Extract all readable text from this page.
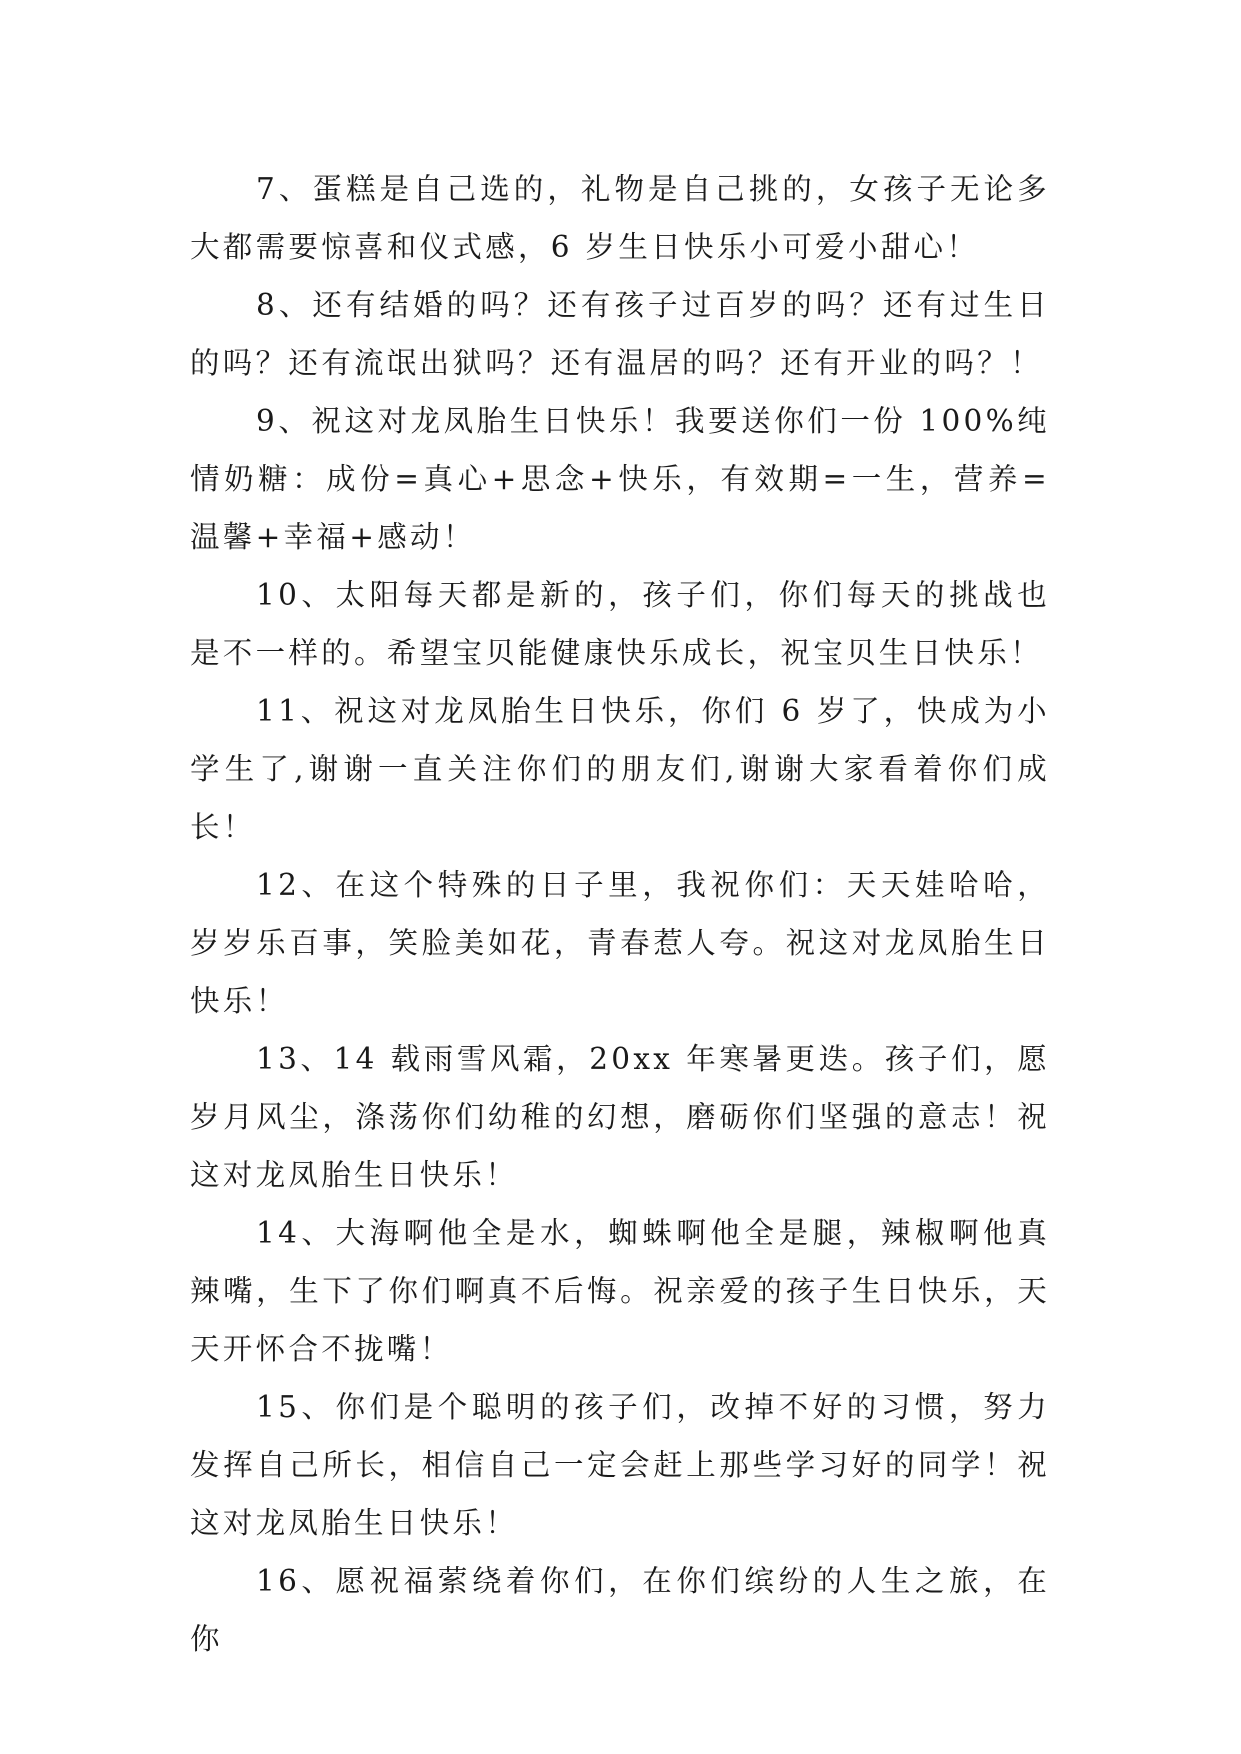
7、蛋糕是自己选的，礼物是自己挑的，女孩子无论多大都需要惊喜和仪式感，6 岁生日快乐小可爱小甜心！

8、还有结婚的吗？还有孩子过百岁的吗？还有过生日的吗？还有流氓出狱吗？还有温居的吗？还有开业的吗？！

9、祝这对龙凤胎生日快乐！我要送你们一份 100%纯情奶糖：成份=真心+思念+快乐，有效期=一生，营养=温馨+幸福+感动！

10、太阳每天都是新的，孩子们，你们每天的挑战也是不一样的。希望宝贝能健康快乐成长，祝宝贝生日快乐！

11、祝这对龙凤胎生日快乐，你们 6 岁了，快成为小学生了,谢谢一直关注你们的朋友们,谢谢大家看着你们成长！

12、在这个特殊的日子里，我祝你们：天天娃哈哈，岁岁乐百事，笑脸美如花，青春惹人夸。祝这对龙凤胎生日快乐！

13、14 载雨雪风霜，20xx 年寒暑更迭。孩子们，愿岁月风尘，涤荡你们幼稚的幻想，磨砺你们坚强的意志！祝这对龙凤胎生日快乐！

14、大海啊他全是水，蜘蛛啊他全是腿，辣椒啊他真辣嘴，生下了你们啊真不后悔。祝亲爱的孩子生日快乐，天天开怀合不拢嘴！

15、你们是个聪明的孩子们，改掉不好的习惯，努力发挥自己所长，相信自己一定会赶上那些学习好的同学！祝这对龙凤胎生日快乐！

16、愿祝福萦绕着你们，在你们缤纷的人生之旅，在你
